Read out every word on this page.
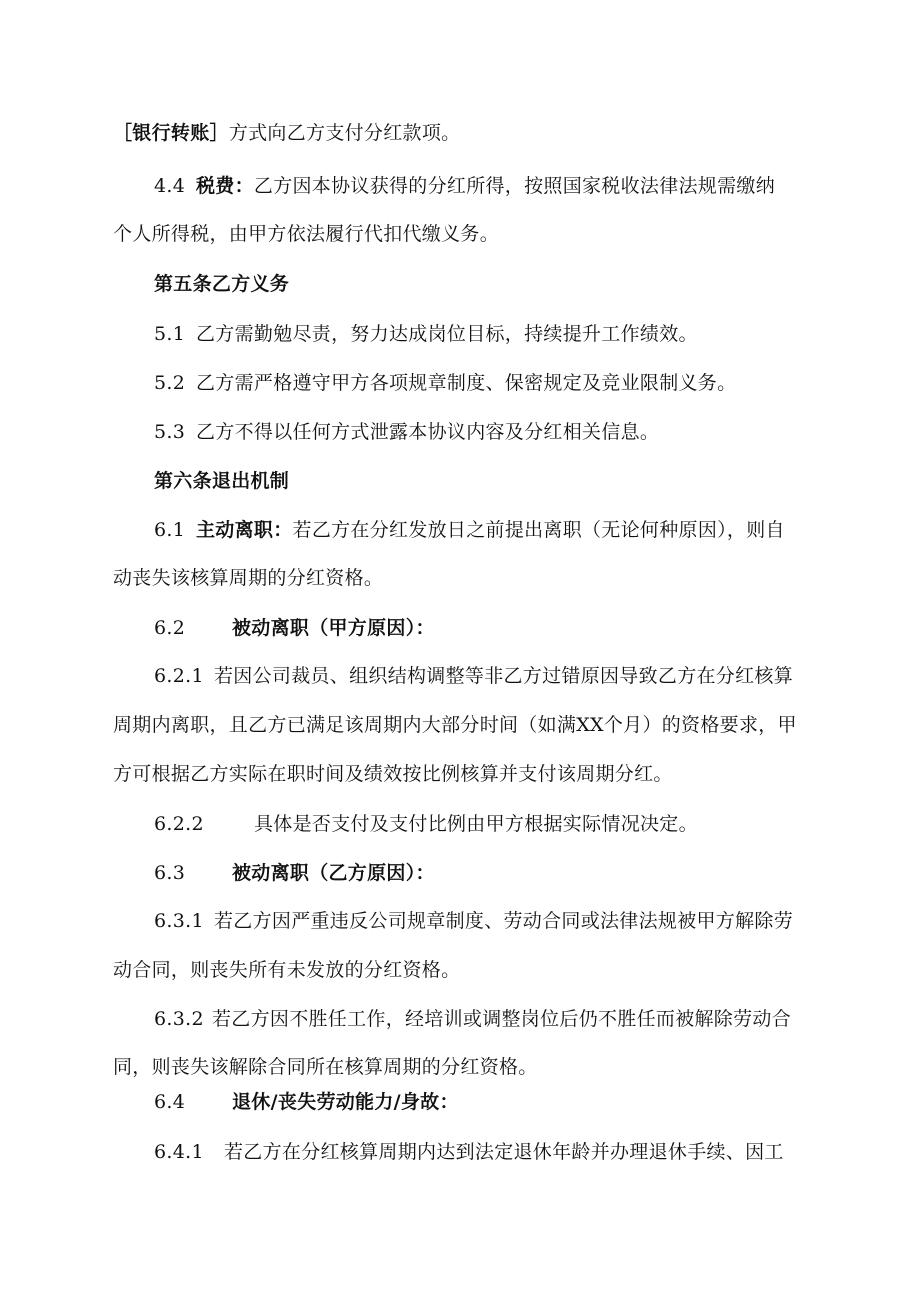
［银行转账］方式向乙方支付分红款项。
4.4 税费：乙方因本协议获得的分红所得，按照国家税收法律法规需缴纳
个人所得税，由甲方依法履行代扣代缴义务。
第五条乙方义务
5.1 乙方需勤勉尽责，努力达成岗位目标，持续提升工作绩效。
5.2 乙方需严格遵守甲方各项规章制度、保密规定及竞业限制义务。
5.3 乙方不得以任何方式泄露本协议内容及分红相关信息。
第六条退出机制
6.1 主动离职：若乙方在分红发放日之前提出离职（无论何种原因），则自
动丧失该核算周期的分红资格。
6.2 被动离职（甲方原因）：
6.2.1 若因公司裁员、组织结构调整等非乙方过错原因导致乙方在分红核算
周期内离职，且乙方已满足该周期内大部分时间（如满XX个月）的资格要求，甲
方可根据乙方实际在职时间及绩效按比例核算并支付该周期分红。
6.2.2	具体是否支付及支付比例由甲方根据实际情况决定。
6.3 被动离职（乙方原因）：
6.3.1 若乙方因严重违反公司规章制度、劳动合同或法律法规被甲方解除劳
动合同，则丧失所有未发放的分红资格。
6.3.2 若乙方因不胜任工作，经培训或调整岗位后仍不胜任而被解除劳动合
同，则丧失该解除合同所在核算周期的分红资格。
6.4 退休/丧失劳动能力/身故：
6.4.1 若乙方在分红核算周期内达到法定退休年龄并办理退休手续、因工
